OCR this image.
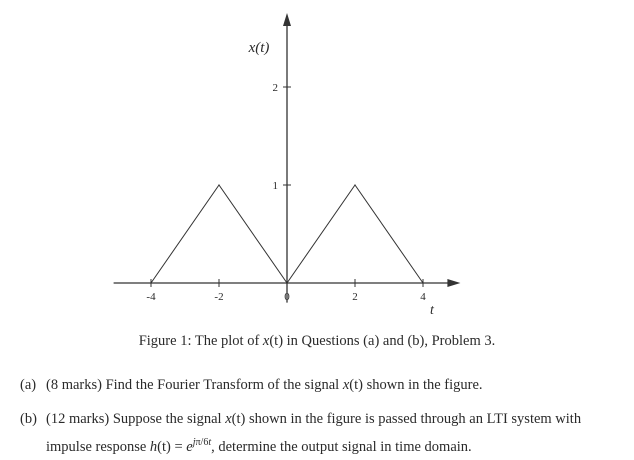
-4	-2	0	2	4
1
2
x(t)
t
Figure 1: The plot of x(t) in Questions (a) and (b), Problem 3.
(a) (8 marks) Find the Fourier Transform of the signal x(t) shown in the figure.
(b) (12 marks) Suppose the signal x(t) shown in the figure is passed through an LTI system with
impulse response $h(t) = e^{j\pi/6t}$, determine the output signal in time domain.
